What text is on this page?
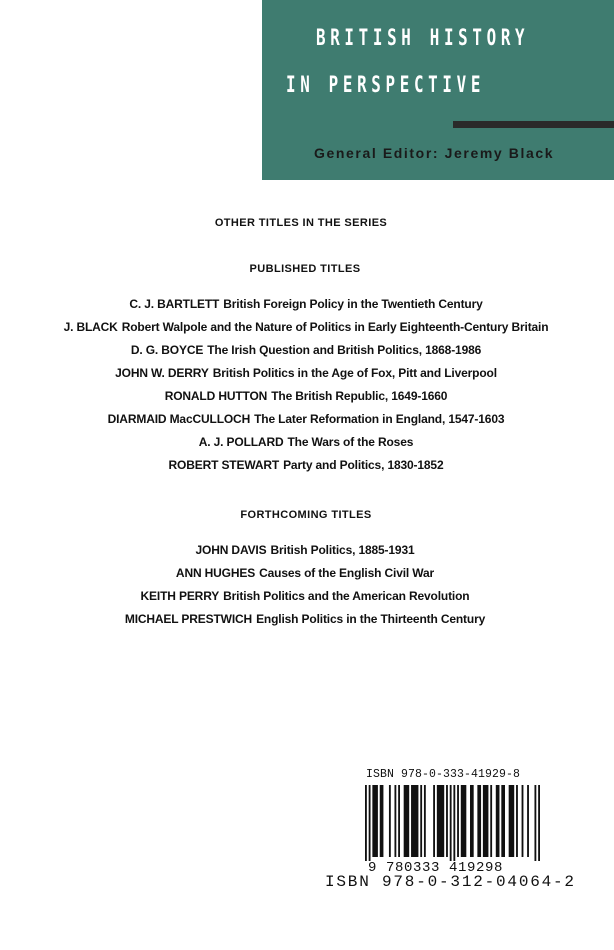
BRITISH HISTORY
IN PERSPECTIVE
General Editor: Jeremy Black
OTHER TITLES IN THE SERIES
PUBLISHED TITLES
C. J. BARTLETT British Foreign Policy in the Twentieth Century
J. BLACK Robert Walpole and the Nature of Politics in Early Eighteenth-Century Britain
D. G. BOYCE The Irish Question and British Politics, 1868-1986
JOHN W. DERRY British Politics in the Age of Fox, Pitt and Liverpool
RONALD HUTTON The British Republic, 1649-1660
DIARMAID MacCULLOCH The Later Reformation in England, 1547-1603
A. J. POLLARD The Wars of the Roses
ROBERT STEWART Party and Politics, 1830-1852
FORTHCOMING TITLES
JOHN DAVIS British Politics, 1885-1931
ANN HUGHES Causes of the English Civil War
KEITH PERRY British Politics and the American Revolution
MICHAEL PRESTWICH English Politics in the Thirteenth Century
ISBN 978-0-333-41929-8
9 780333 419298
ISBN 978-0-312-04064-2
